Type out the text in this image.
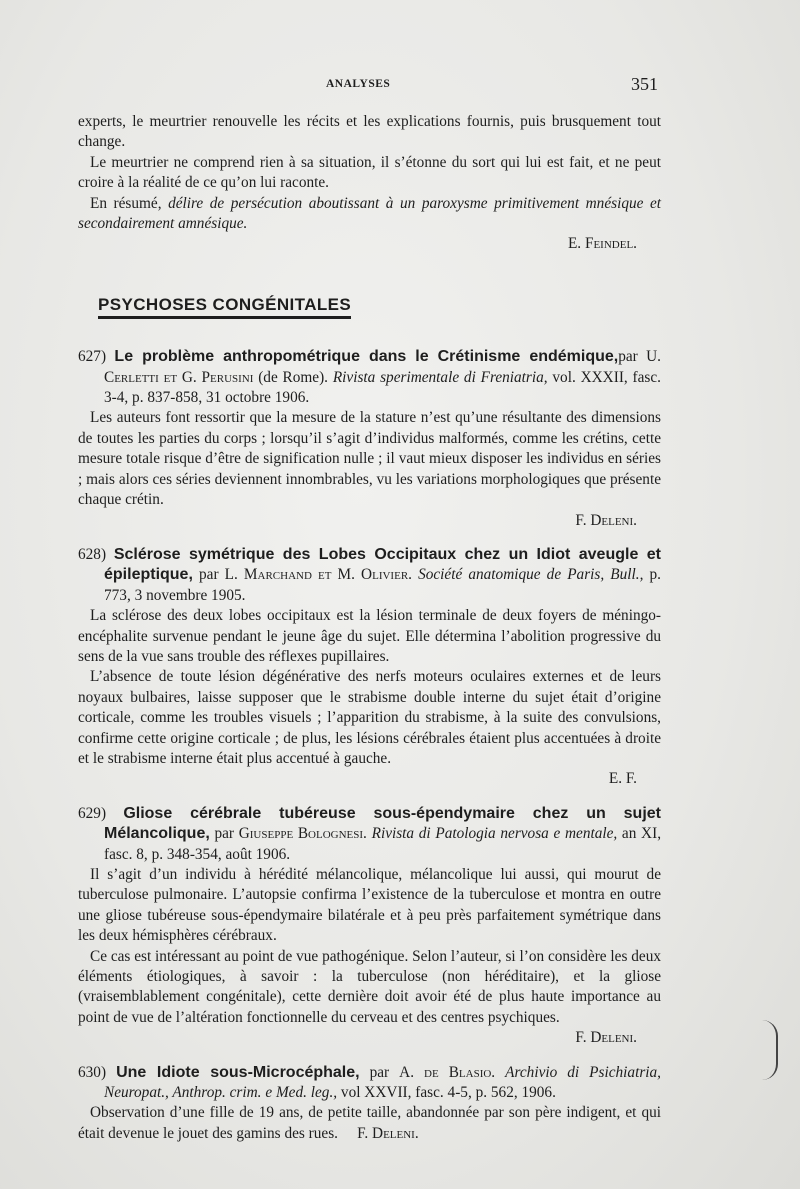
ANALYSES	351

experts, le meurtrier renouvelle les récits et les explications fournis, puis brusquement tout change.

Le meurtrier ne comprend rien à sa situation, il s’étonne du sort qui lui est fait, et ne peut croire à la réalité de ce qu’on lui raconte.

En résumé, délire de persécution aboutissant à un paroxysme primitivement mnésique et secondairement amnésique.

E. Feindel.

PSYCHOSES CONGÉNITALES

627) Le problème anthropométrique dans le Crétinisme endémique,par U. Cerletti et G. Perusini (de Rome). Rivista sperimentale di Freniatria, vol. XXXII, fasc. 3-4, p. 837-858, 31 octobre 1906.

Les auteurs font ressortir que la mesure de la stature n’est qu’une résultante des dimensions de toutes les parties du corps ; lorsqu’il s’agit d’individus malformés, comme les crétins, cette mesure totale risque d’être de signification nulle ; il vaut mieux disposer les individus en séries ; mais alors ces séries deviennent innombrables, vu les variations morphologiques que présente chaque crétin.

F. Deleni.

628) Sclérose symétrique des Lobes Occipitaux chez un Idiot aveugle et épileptique, par L. Marchand et M. Olivier. Société anatomique de Paris, Bull., p. 773, 3 novembre 1905.

La sclérose des deux lobes occipitaux est la lésion terminale de deux foyers de méningo-encéphalite survenue pendant le jeune âge du sujet. Elle détermina l’abolition progressive du sens de la vue sans trouble des réflexes pupillaires.

L’absence de toute lésion dégénérative des nerfs moteurs oculaires externes et de leurs noyaux bulbaires, laisse supposer que le strabisme double interne du sujet était d’origine corticale, comme les troubles visuels ; l’apparition du strabisme, à la suite des convulsions, confirme cette origine corticale ; de plus, les lésions cérébrales étaient plus accentuées à droite et le strabisme interne était plus accentué à gauche.

E. F.

629) Gliose cérébrale tubéreuse sous-épendymaire chez un sujet Mélancolique, par Giuseppe Bolognesi. Rivista di Patologia nervosa e mentale, an XI, fasc. 8, p. 348-354, août 1906.

Il s’agit d’un individu à hérédité mélancolique, mélancolique lui aussi, qui mourut de tuberculose pulmonaire. L’autopsie confirma l’existence de la tuberculose et montra en outre une gliose tubéreuse sous-épendymaire bilatérale et à peu près parfaitement symétrique dans les deux hémisphères cérébraux.

Ce cas est intéressant au point de vue pathogénique. Selon l’auteur, si l’on considère les deux éléments étiologiques, à savoir : la tuberculose (non héréditaire), et la gliose (vraisemblablement congénitale), cette dernière doit avoir été de plus haute importance au point de vue de l’altération fonctionnelle du cerveau et des centres psychiques.

F. Deleni.

630) Une Idiote sous-Microcéphale, par A. de Blasio. Archivio di Psichiatria, Neuropat., Anthrop. crim. e Med. leg., vol XXVII, fasc. 4-5, p. 562, 1906.

Observation d’une fille de 19 ans, de petite taille, abandonnée par son père indigent, et qui était devenue le jouet des gamins des rues. F. Deleni.
